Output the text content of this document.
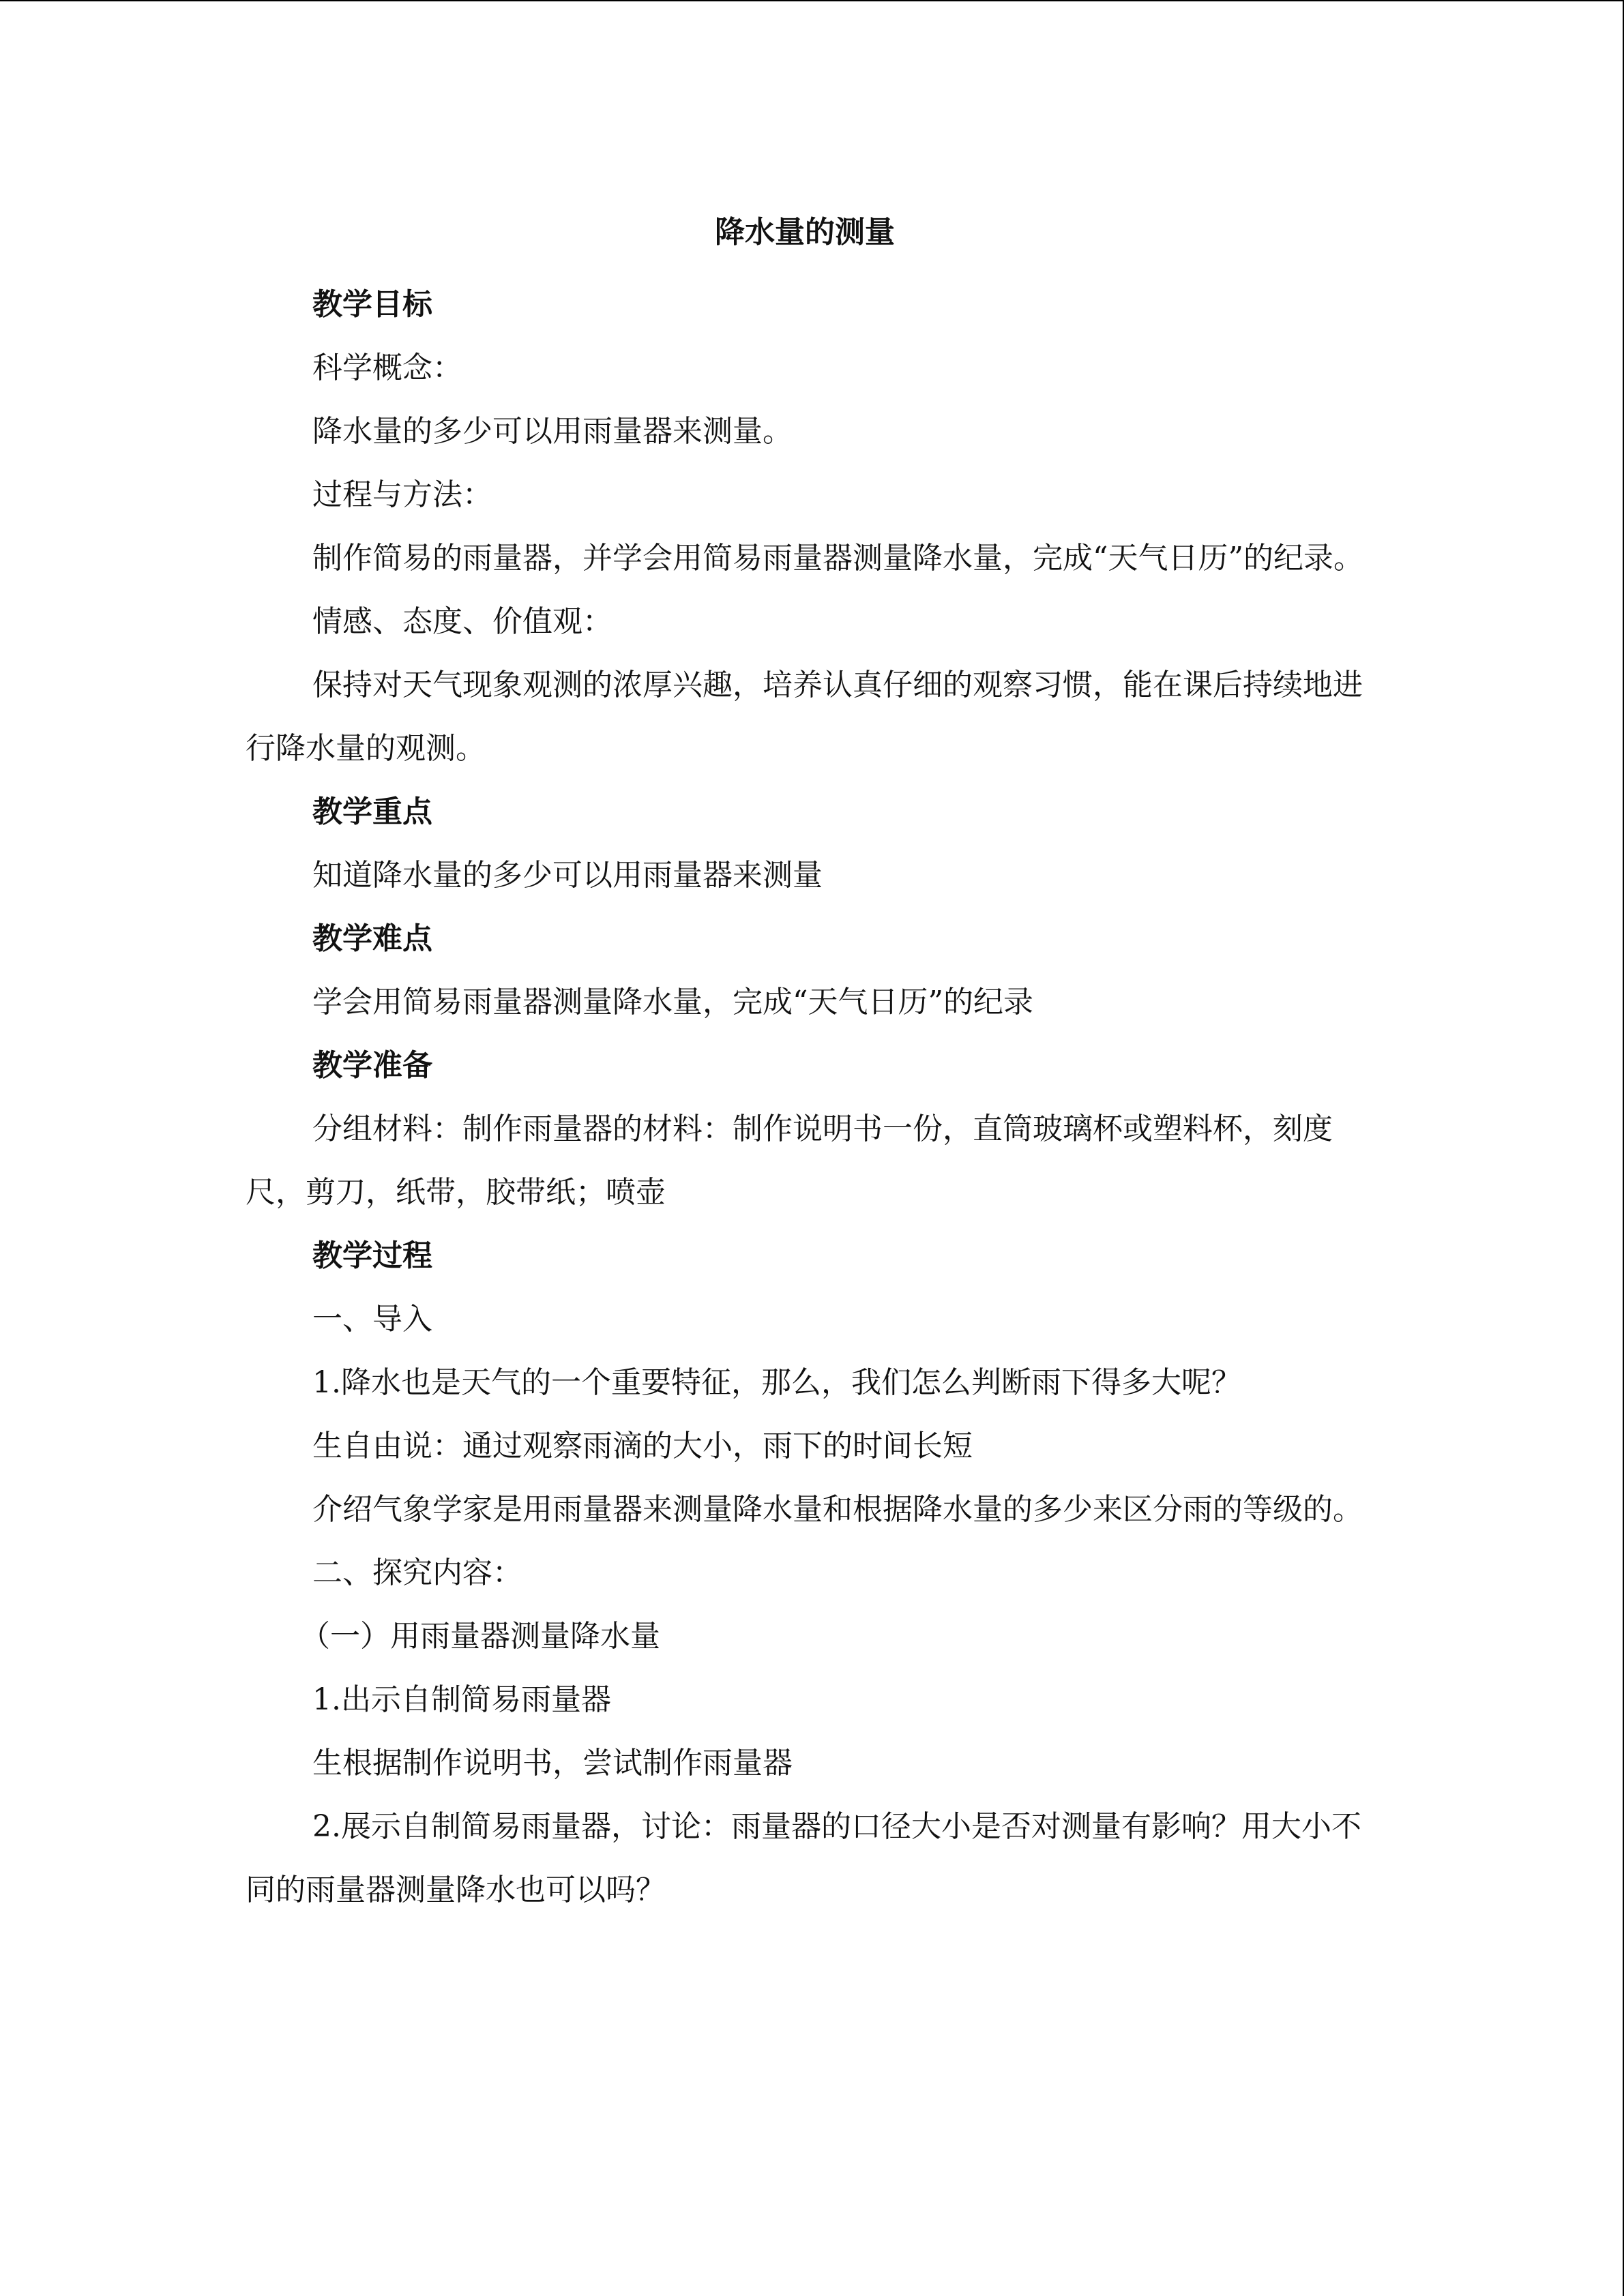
降水量的测量

教学目标

科学概念：

降水量的多少可以用雨量器来测量。

过程与方法：

制作简易的雨量器，并学会用简易雨量器测量降水量，完成“天气日历”的纪录。

情感、态度、价值观：

保持对天气现象观测的浓厚兴趣，培养认真仔细的观察习惯，能在课后持续地进行降水量的观测。

教学重点

知道降水量的多少可以用雨量器来测量

教学难点

学会用简易雨量器测量降水量，完成“天气日历”的纪录

教学准备

分组材料：制作雨量器的材料：制作说明书一份，直筒玻璃杯或塑料杯，刻度尺，剪刀，纸带，胶带纸；喷壶

教学过程

一、导入

1.降水也是天气的一个重要特征，那么，我们怎么判断雨下得多大呢？

生自由说：通过观察雨滴的大小，雨下的时间长短

介绍气象学家是用雨量器来测量降水量和根据降水量的多少来区分雨的等级的。

二、探究内容：

（一）用雨量器测量降水量

1.出示自制简易雨量器

生根据制作说明书，尝试制作雨量器

2.展示自制简易雨量器，讨论：雨量器的口径大小是否对测量有影响？用大小不同的雨量器测量降水也可以吗？
